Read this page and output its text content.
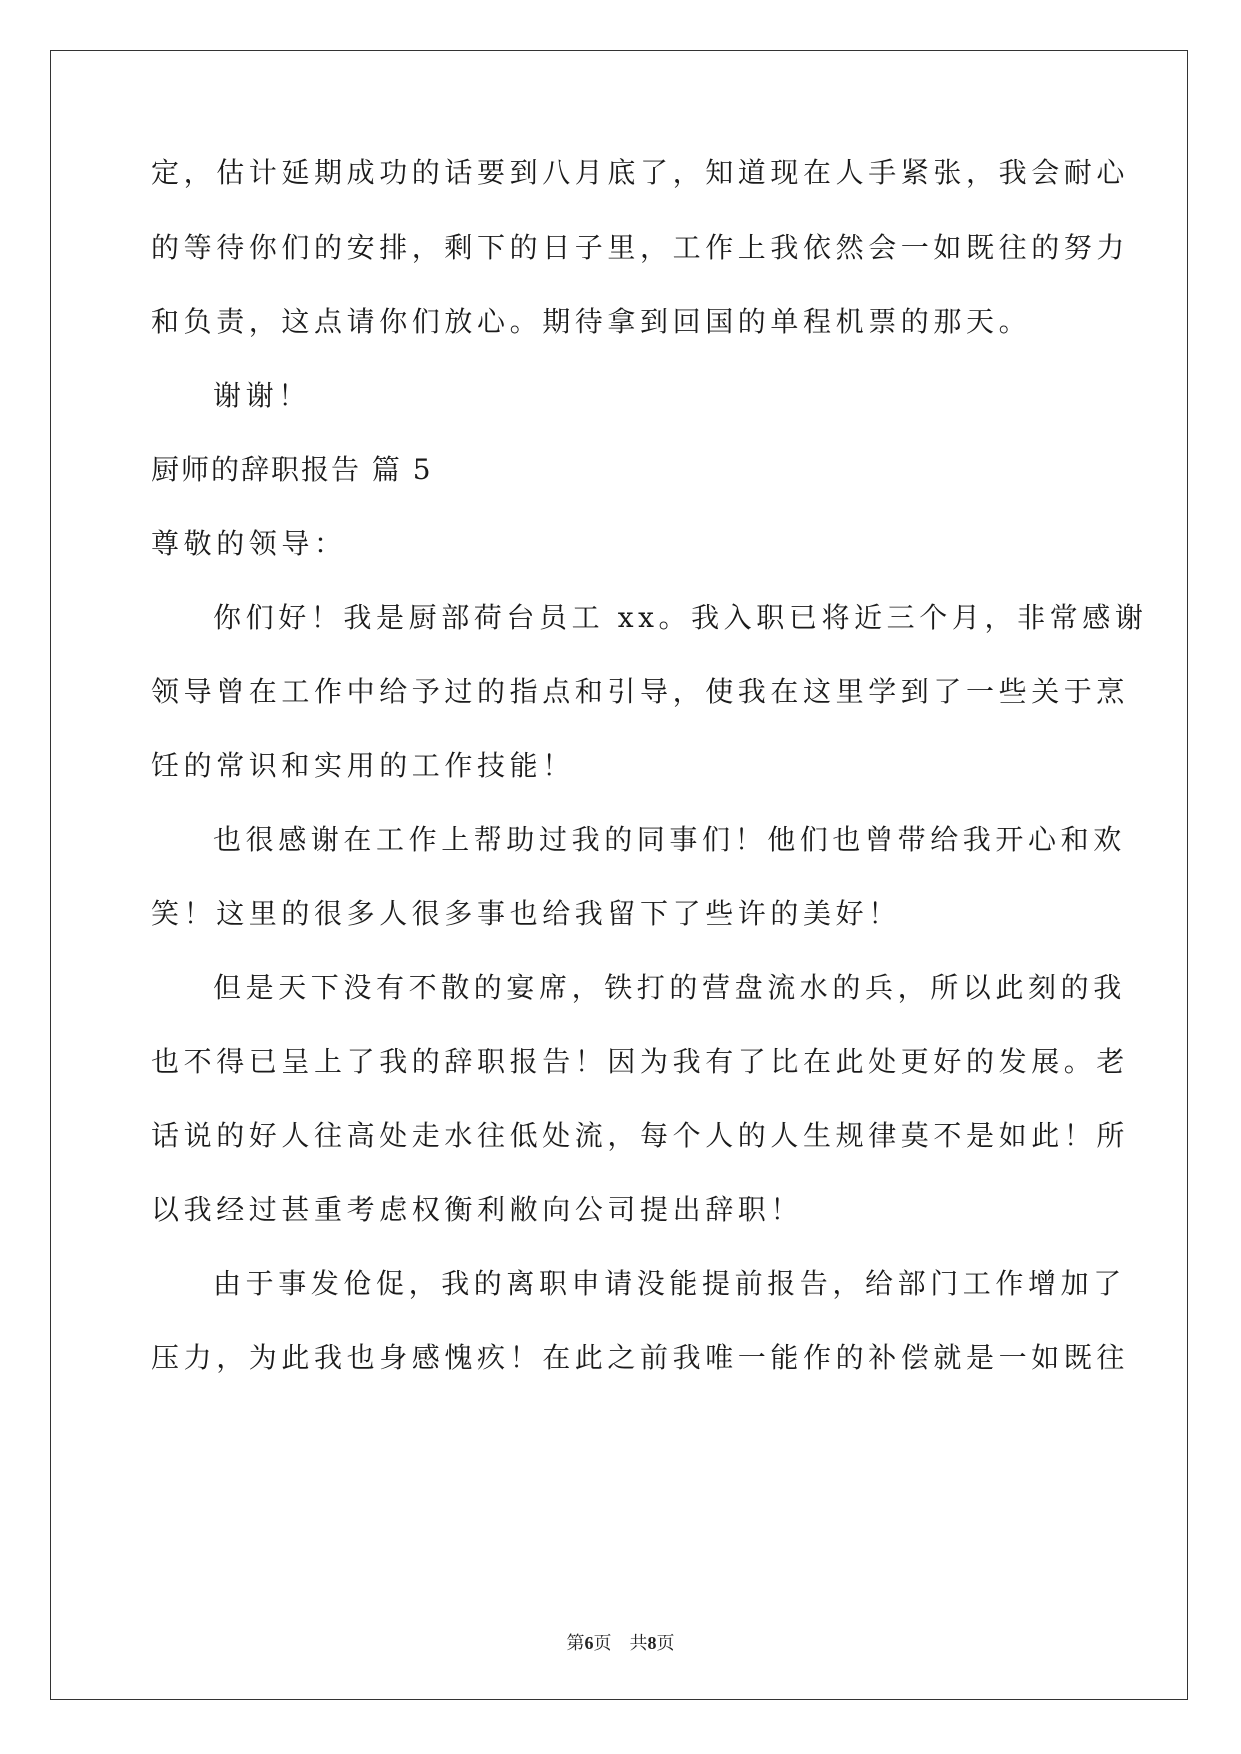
定，估计延期成功的话要到八月底了，知道现在人手紧张，我会耐心
的等待你们的安排，剩下的日子里，工作上我依然会一如既往的努力
和负责，这点请你们放心。期待拿到回国的单程机票的那天。
谢谢！
厨师的辞职报告 篇 5
尊敬的领导：
你们好！我是厨部荷台员工 xx。我入职已将近三个月，非常感谢
领导曾在工作中给予过的指点和引导，使我在这里学到了一些关于烹
饪的常识和实用的工作技能！
也很感谢在工作上帮助过我的同事们！他们也曾带给我开心和欢
笑！这里的很多人很多事也给我留下了些许的美好！
但是天下没有不散的宴席，铁打的营盘流水的兵，所以此刻的我
也不得已呈上了我的辞职报告！因为我有了比在此处更好的发展。老
话说的好人往高处走水往低处流，每个人的人生规律莫不是如此！所
以我经过甚重考虑权衡利敝向公司提出辞职！
由于事发伧促，我的离职申请没能提前报告，给部门工作增加了
压力，为此我也身感愧疚！在此之前我唯一能作的补偿就是一如既往
第6页　共8页
